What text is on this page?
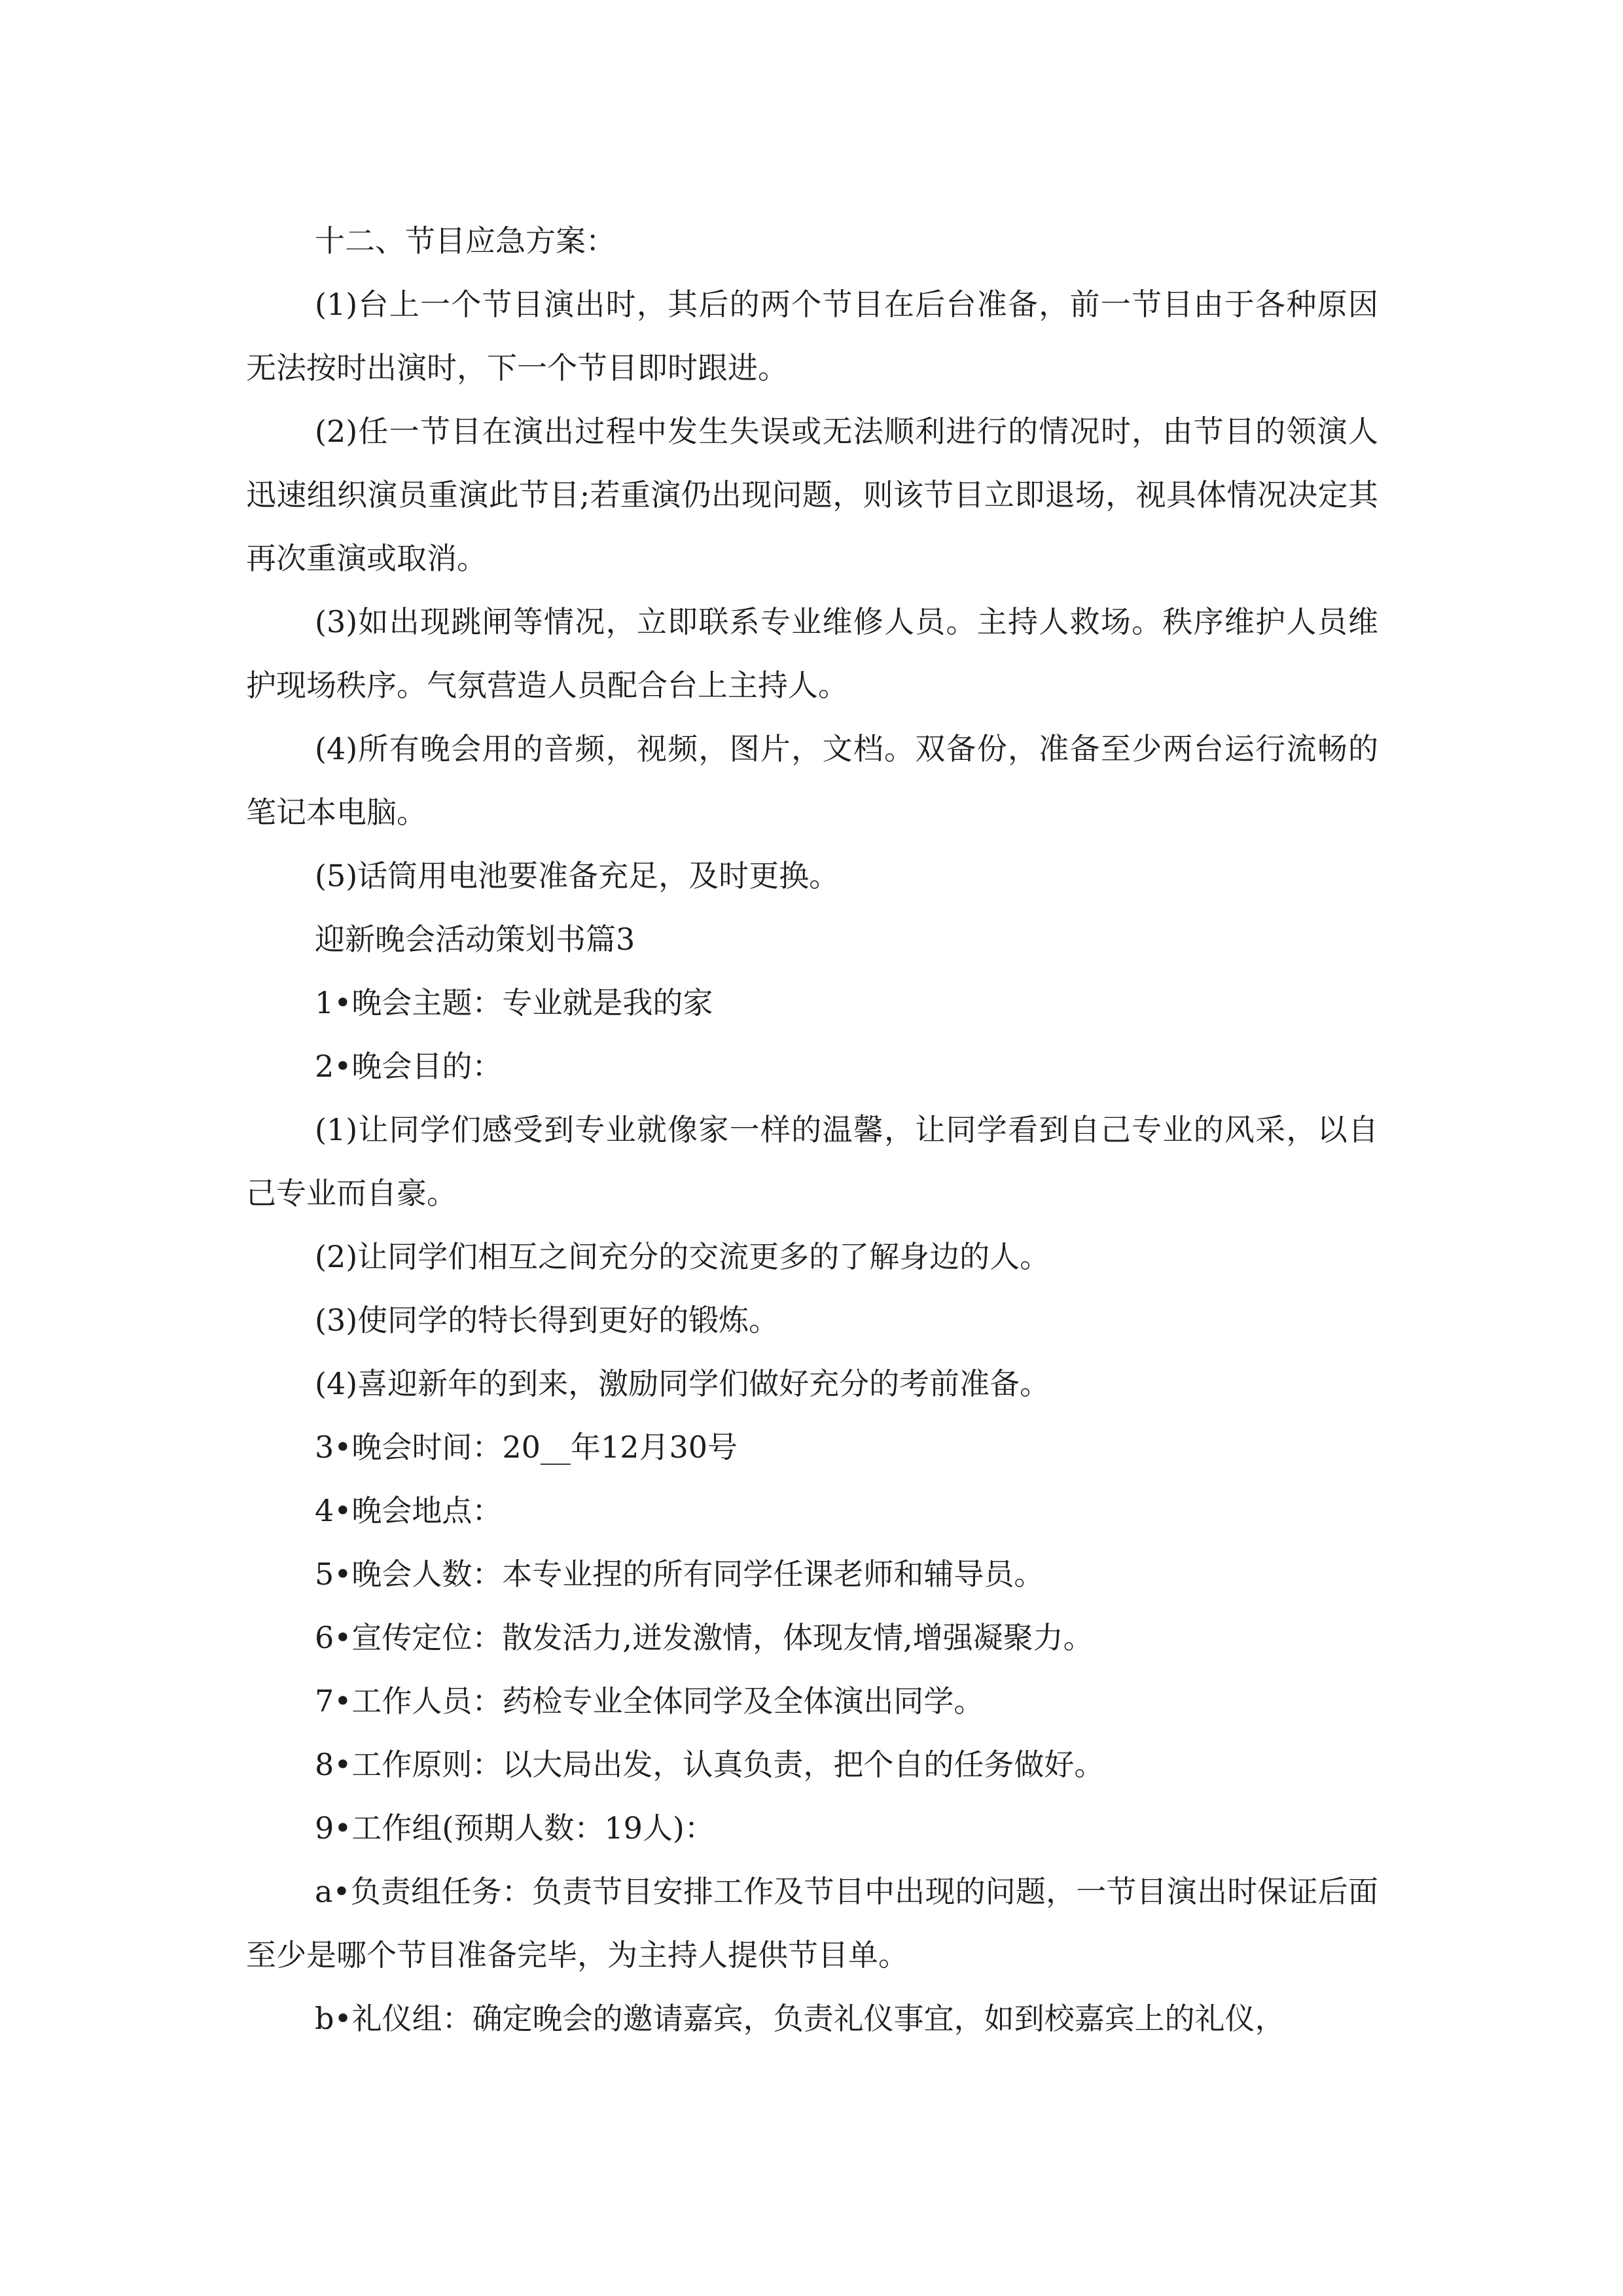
十二、节目应急方案：

(1)台上一个节目演出时，其后的两个节目在后台准备，前一节目由于各种原因无法按时出演时，下一个节目即时跟进。

(2)任一节目在演出过程中发生失误或无法顺利进行的情况时，由节目的领演人迅速组织演员重演此节目;若重演仍出现问题，则该节目立即退场，视具体情况决定其再次重演或取消。

(3)如出现跳闸等情况，立即联系专业维修人员。主持人救场。秩序维护人员维护现场秩序。气氛营造人员配合台上主持人。

(4)所有晚会用的音频，视频，图片，文档。双备份，准备至少两台运行流畅的笔记本电脑。

(5)话筒用电池要准备充足，及时更换。

迎新晚会活动策划书篇3

1•晚会主题：专业就是我的家

2•晚会目的：

(1)让同学们感受到专业就像家一样的温馨，让同学看到自己专业的风采，以自己专业而自豪。

(2)让同学们相互之间充分的交流更多的了解身边的人。

(3)使同学的特长得到更好的锻炼。

(4)喜迎新年的到来，激励同学们做好充分的考前准备。

3•晚会时间：20__年12月30号

4•晚会地点：

5•晚会人数：本专业捏的所有同学任课老师和辅导员。

6•宣传定位：散发活力,迸发激情，体现友情,增强凝聚力。

7•工作人员：药检专业全体同学及全体演出同学。

8•工作原则：以大局出发，认真负责，把个自的任务做好。

9•工作组(预期人数：19人)：

a•负责组任务：负责节目安排工作及节目中出现的问题，一节目演出时保证后面至少是哪个节目准备完毕，为主持人提供节目单。

b•礼仪组：确定晚会的邀请嘉宾，负责礼仪事宜，如到校嘉宾上的礼仪，
